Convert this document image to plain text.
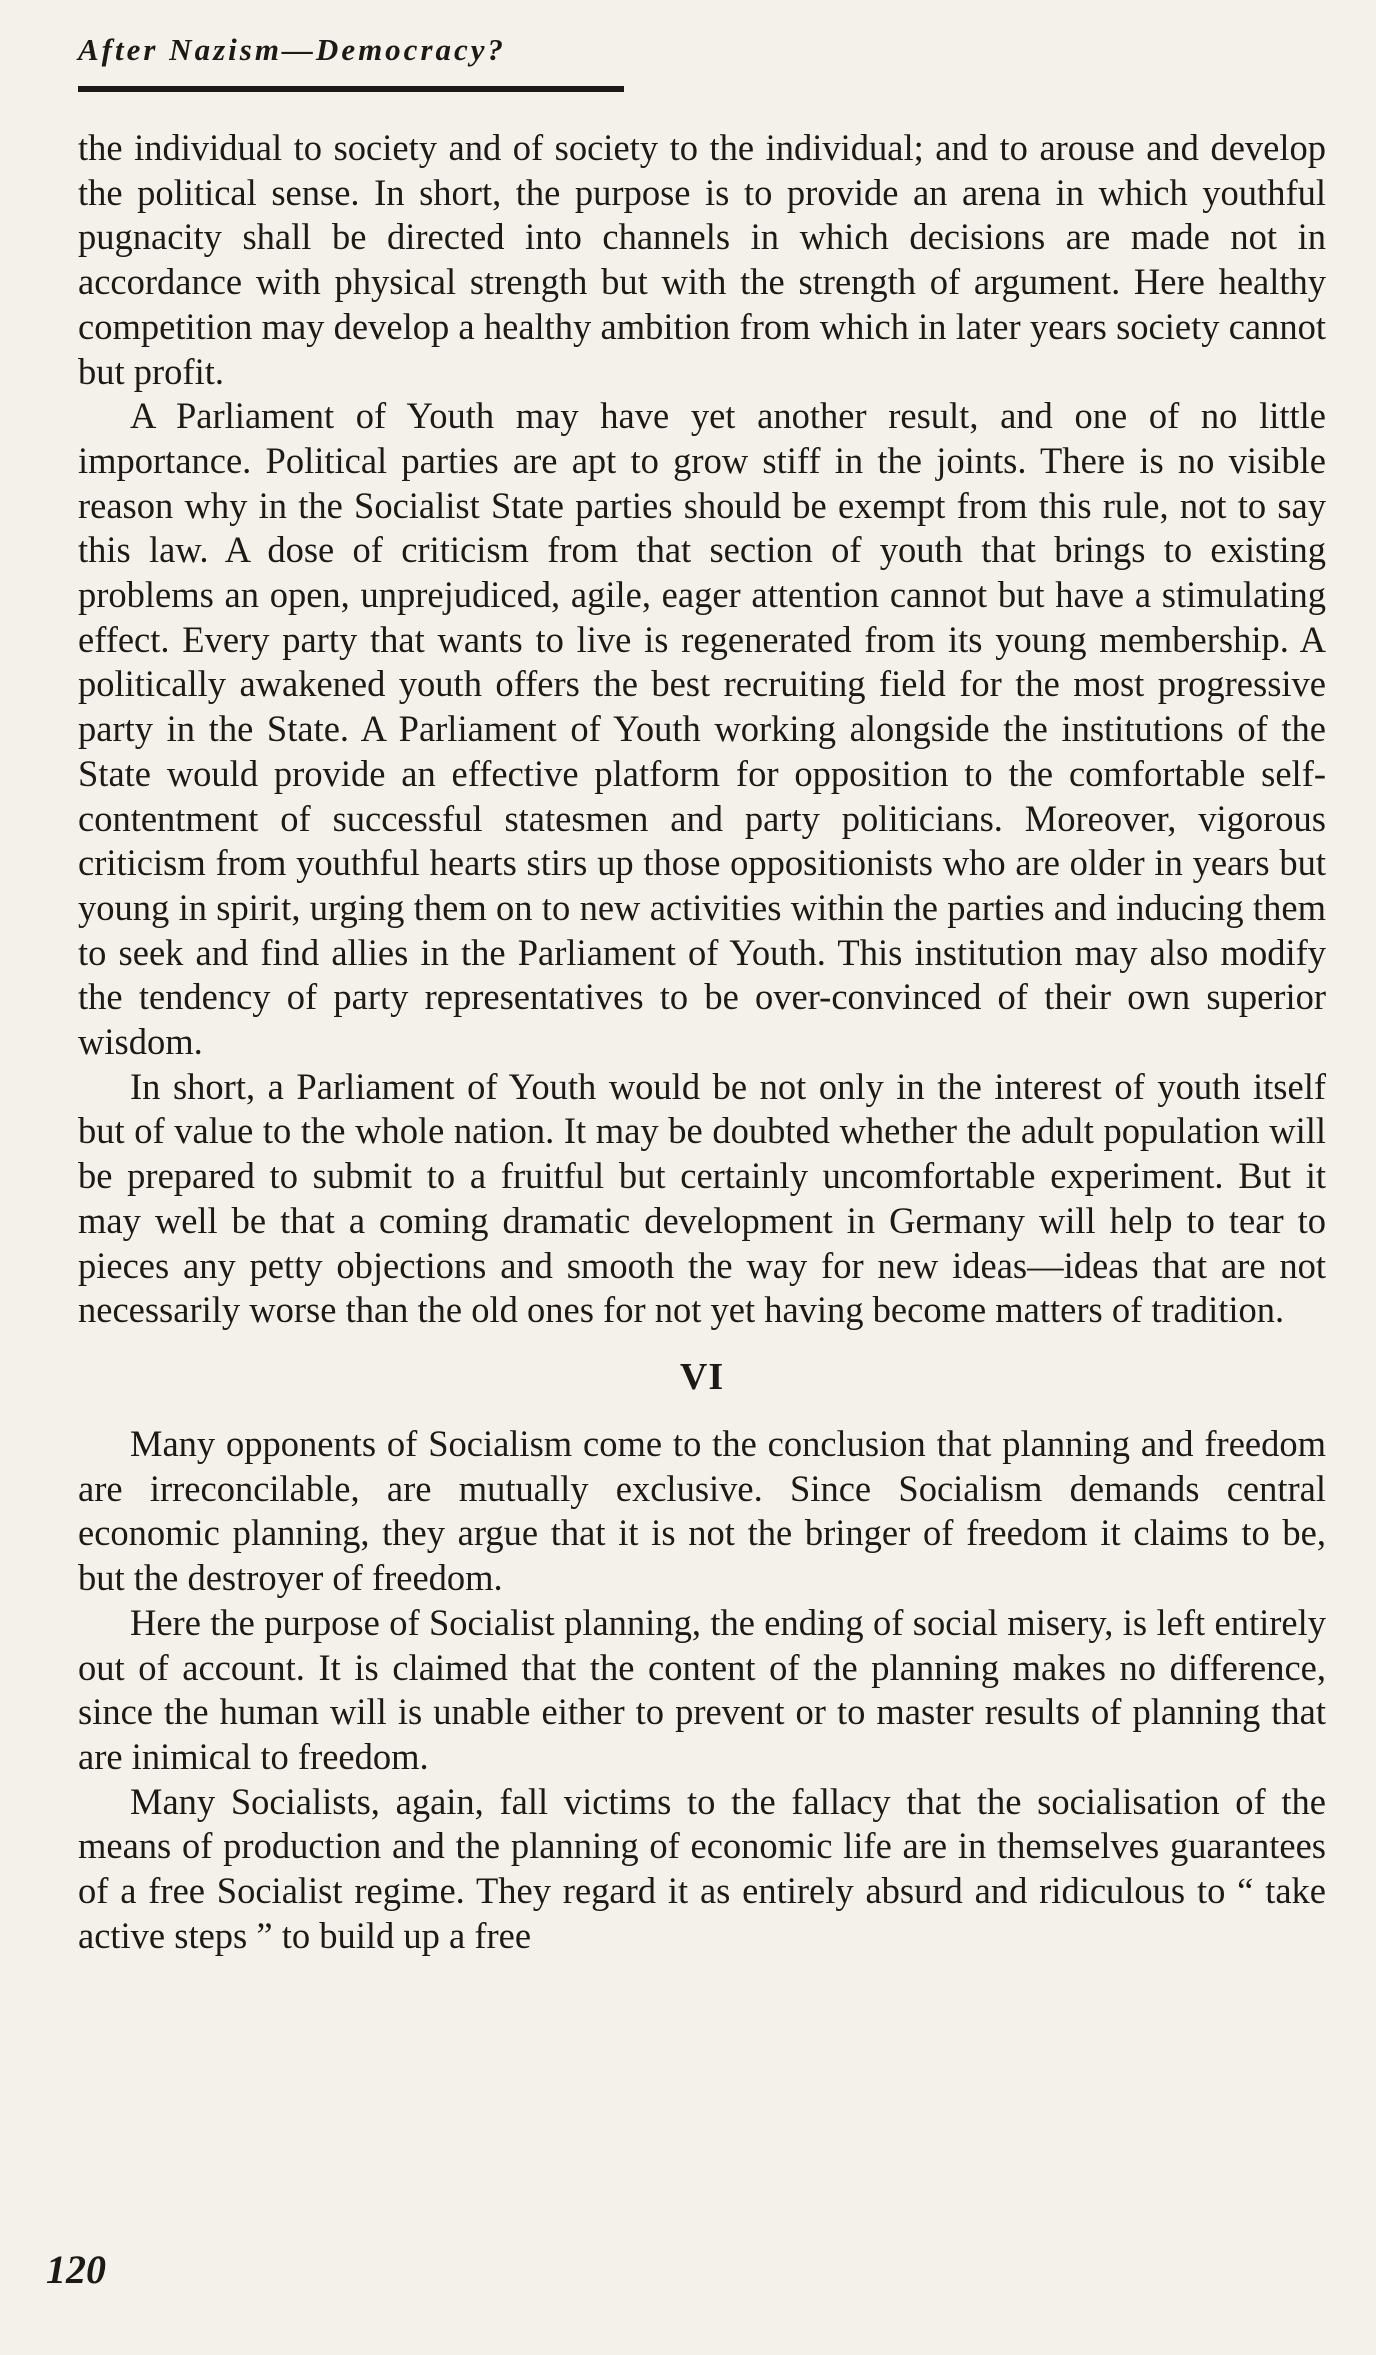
After Nazism—Democracy?

the individual to society and of society to the individual; and to arouse and develop the political sense. In short, the purpose is to provide an arena in which youthful pugnacity shall be directed into channels in which decisions are made not in accordance with physical strength but with the strength of argument. Here healthy competition may develop a healthy ambition from which in later years society cannot but profit.

A Parliament of Youth may have yet another result, and one of no little importance. Political parties are apt to grow stiff in the joints. There is no visible reason why in the Socialist State parties should be exempt from this rule, not to say this law. A dose of criticism from that section of youth that brings to existing problems an open, unprejudiced, agile, eager attention cannot but have a stimulating effect. Every party that wants to live is regenerated from its young membership. A politically awakened youth offers the best recruiting field for the most progressive party in the State. A Parliament of Youth working alongside the institutions of the State would provide an effective platform for opposition to the comfortable self-contentment of successful statesmen and party politicians. Moreover, vigorous criticism from youthful hearts stirs up those oppositionists who are older in years but young in spirit, urging them on to new activities within the parties and inducing them to seek and find allies in the Parliament of Youth. This institution may also modify the tendency of party representatives to be over-convinced of their own superior wisdom.

In short, a Parliament of Youth would be not only in the interest of youth itself but of value to the whole nation. It may be doubted whether the adult population will be prepared to submit to a fruitful but certainly uncomfortable experiment. But it may well be that a coming dramatic development in Germany will help to tear to pieces any petty objections and smooth the way for new ideas—ideas that are not necessarily worse than the old ones for not yet having become matters of tradition.

VI

Many opponents of Socialism come to the conclusion that planning and freedom are irreconcilable, are mutually exclusive. Since Socialism demands central economic planning, they argue that it is not the bringer of freedom it claims to be, but the destroyer of freedom.

Here the purpose of Socialist planning, the ending of social misery, is left entirely out of account. It is claimed that the content of the planning makes no difference, since the human will is unable either to prevent or to master results of planning that are inimical to freedom.

Many Socialists, again, fall victims to the fallacy that the socialisation of the means of production and the planning of economic life are in themselves guarantees of a free Socialist regime. They regard it as entirely absurd and ridiculous to “ take active steps ” to build up a free

120
